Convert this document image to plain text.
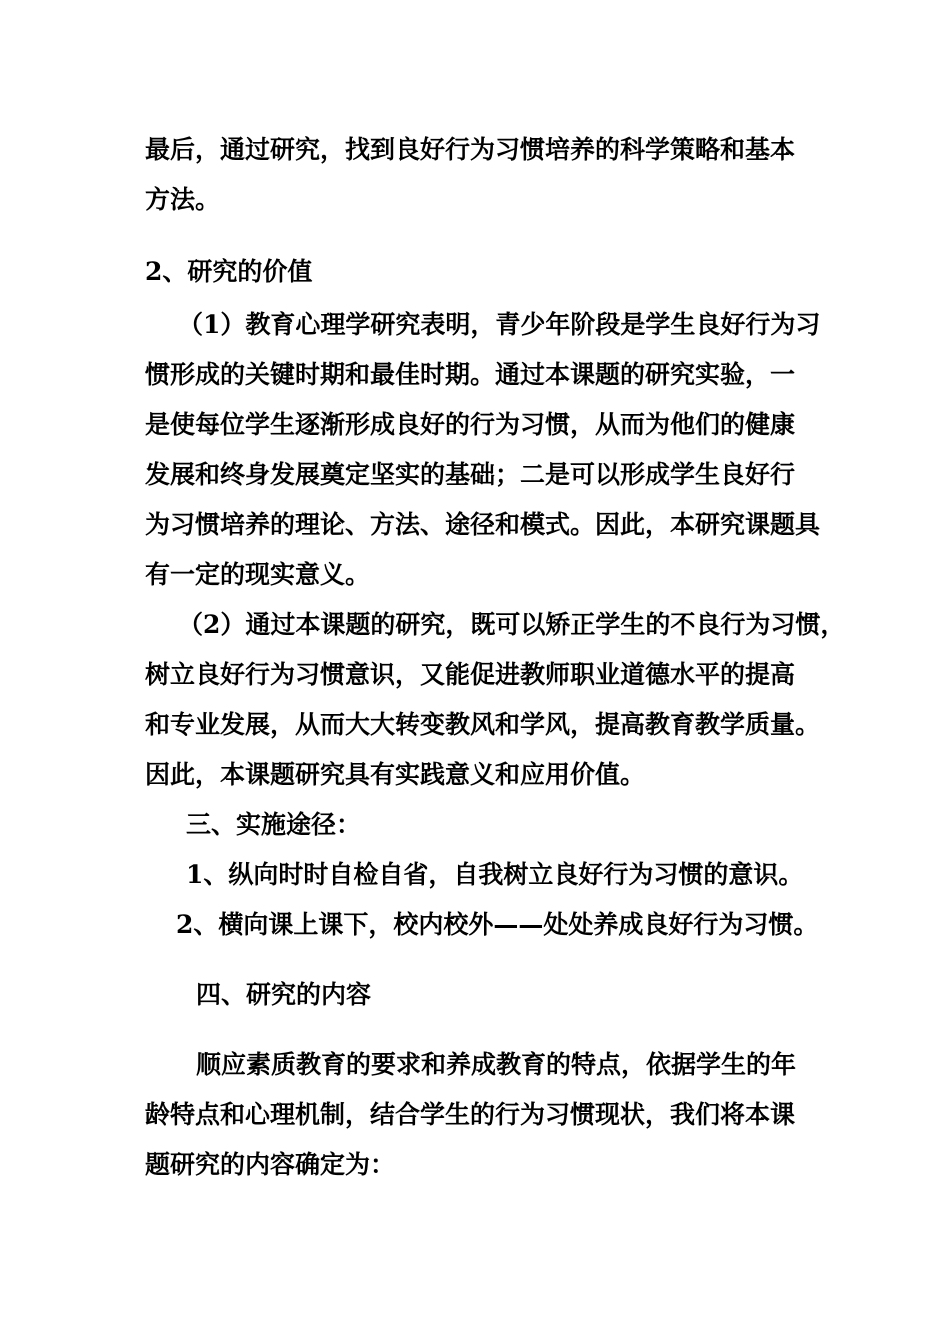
最后，通过研究，找到良好行为习惯培养的科学策略和基本
方法。
2、研究的价值
（1）教育心理学研究表明，青少年阶段是学生良好行为习
惯形成的关键时期和最佳时期。通过本课题的研究实验，一
是使每位学生逐渐形成良好的行为习惯，从而为他们的健康
发展和终身发展奠定坚实的基础；二是可以形成学生良好行
为习惯培养的理论、方法、途径和模式。因此，本研究课题具
有一定的现实意义。
（2）通过本课题的研究，既可以矫正学生的不良行为习惯，
树立良好行为习惯意识，又能促进教师职业道德水平的提高
和专业发展，从而大大转变教风和学风，提高教育教学质量。
因此，本课题研究具有实践意义和应用价值。
三、实施途径：
1、纵向时时自检自省，自我树立良好行为习惯的意识。
2、横向课上课下，校内校外——处处养成良好行为习惯。
四、研究的内容
顺应素质教育的要求和养成教育的特点，依据学生的年
龄特点和心理机制，结合学生的行为习惯现状，我们将本课
题研究的内容确定为：
